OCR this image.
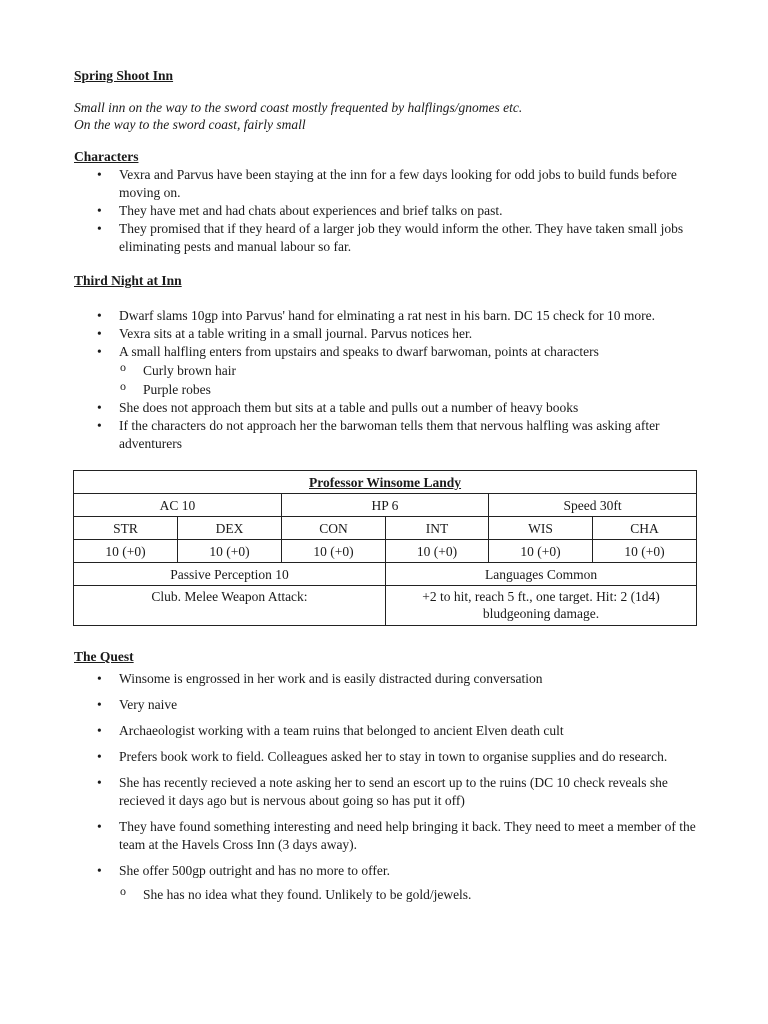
Spring Shoot Inn
Small inn on the way to the sword coast mostly frequented by halflings/gnomes etc.
On the way to the sword coast, fairly small
Characters
• Vexra and Parvus have been staying at the inn for a few days looking for odd jobs to build funds before moving on.
• They have met and had chats about experiences and brief talks on past.
• They promised that if they heard of a larger job they would inform the other. They have taken small jobs eliminating pests and manual labour so far.
Third Night at Inn
• Dwarf slams 10gp into Parvus' hand for elminating a rat nest in his barn. DC 15 check for 10 more.
• Vexra sits at a table writing in a small journal. Parvus notices her.
• A small halfling enters from upstairs and speaks to dwarf barwoman, points at characters
o Curly brown hair
o Purple robes
• She does not approach them but sits at a table and pulls out a number of heavy books
• If the characters do not approach her the barwoman tells them that nervous halfling was asking after adventurers
Professor Winsome Landy					
AC 10		HP 6		Speed 30ft	
STR	DEX	CON	INT	WIS	CHA
10 (+0)	10 (+0)	10 (+0)	10 (+0)	10 (+0)	10 (+0)
Passive Perception 10			Languages Common		
Club. Melee Weapon Attack:			+2 to hit, reach 5 ft., one target. Hit: 2 (1d4) bludgeoning damage.		
The Quest
• Winsome is engrossed in her work and is easily distracted during conversation
• Very naive
• Archaeologist working with a team ruins that belonged to ancient Elven death cult
• Prefers book work to field. Colleagues asked her to stay in town to organise supplies and do research.
• She has recently recieved a note asking her to send an escort up to the ruins (DC 10 check reveals she recieved it days ago but is nervous about going so has put it off)
• They have found something interesting and need help bringing it back. They need to meet a member of the team at the Havels Cross Inn (3 days away).
• She offer 500gp outright and has no more to offer.
o She has no idea what they found. Unlikely to be gold/jewels.
